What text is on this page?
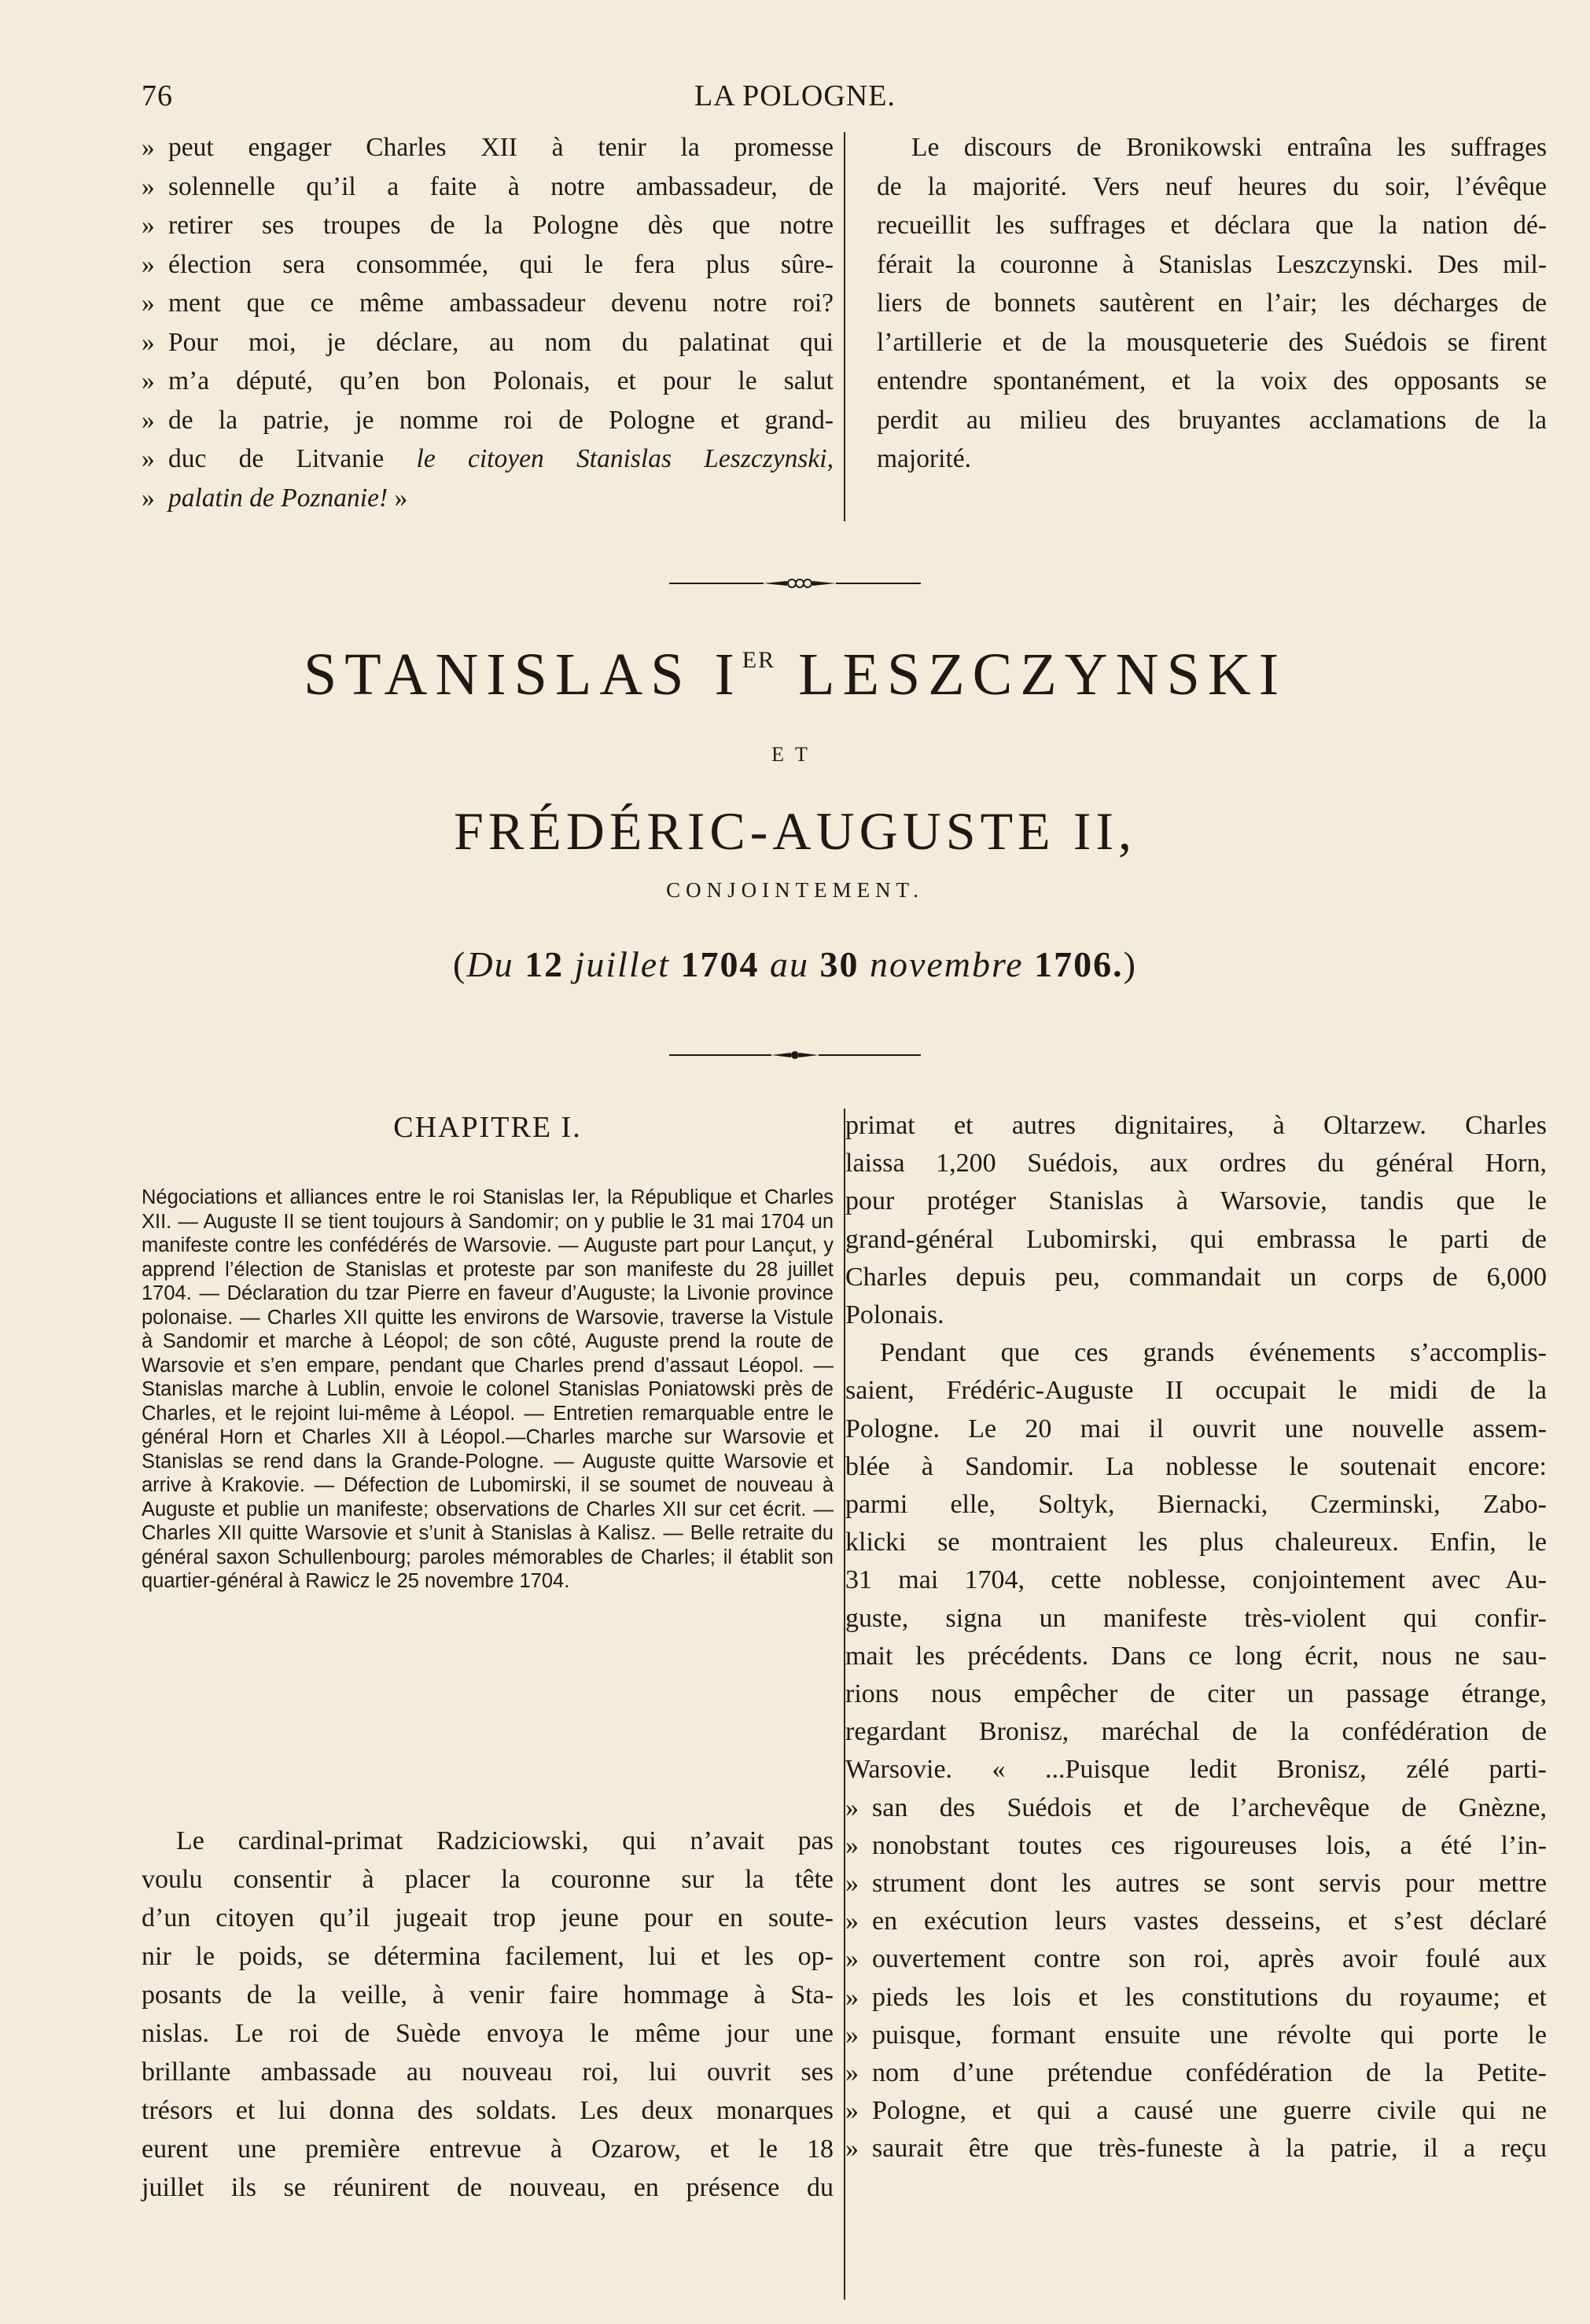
76	LA POLOGNE.
» peut engager Charles XII à tenir la promesse
» solennelle qu’il a faite à notre ambassadeur, de
» retirer ses troupes de la Pologne dès que notre
» élection sera consommée, qui le fera plus sûre-
» ment que ce même ambassadeur devenu notre roi?
» Pour moi, je déclare, au nom du palatinat qui
» m’a député, qu’en bon Polonais, et pour le salut
» de la patrie, je nomme roi de Pologne et grand-
» duc de Litvanie le citoyen Stanislas Leszczynski,
» palatin de Poznanie! »
Le discours de Bronikowski entraîna les suffrages
de la majorité. Vers neuf heures du soir, l’évêque
recueillit les suffrages et déclara que la nation dé-
férait la couronne à Stanislas Leszczynski. Des mil-
liers de bonnets sautèrent en l’air; les décharges de
l’artillerie et de la mousqueterie des Suédois se firent
entendre spontanément, et la voix des opposants se
perdit au milieu des bruyantes acclamations de la
majorité.
STANISLAS IER LESZCZYNSKI
ET
FRÉDÉRIC-AUGUSTE II,
CONJOINTEMENT.
(Du 12 juillet 1704 au 30 novembre 1706.)
CHAPITRE I.

Négociations et alliances entre le roi Stanislas Ier, la République et Charles XII. — Auguste II se tient toujours à Sandomir; on y publie le 31 mai 1704 un manifeste contre les confédérés de Warsovie. — Auguste part pour Lançut, y apprend l’élection de Stanislas et proteste par son manifeste du 28 juillet 1704. — Déclaration du tzar Pierre en faveur d’Auguste; la Livonie province polonaise. — Charles XII quitte les environs de Warsovie, traverse la Vistule à Sandomir et marche à Léopol; de son côté, Auguste prend la route de Warsovie et s’en empare, pendant que Charles prend d’assaut Léopol. — Stanislas marche à Lublin, envoie le colonel Stanislas Poniatowski près de Charles, et le rejoint lui-même à Léopol. — Entretien remarquable entre le général Horn et Charles XII à Léopol.—Charles marche sur Warsovie et Stanislas se rend dans la Grande-Pologne. — Auguste quitte Warsovie et arrive à Krakovie. — Défection de Lubomirski, il se soumet de nouveau à Auguste et publie un manifeste; observations de Charles XII sur cet écrit. — Charles XII quitte Warsovie et s’unit à Stanislas à Kalisz. — Belle retraite du général saxon Schullenbourg; paroles mémorables de Charles; il établit son quartier-général à Rawicz le 25 novembre 1704.

Le cardinal-primat Radziciowski, qui n’avait pas
voulu consentir à placer la couronne sur la tête
d’un citoyen qu’il jugeait trop jeune pour en soute-
nir le poids, se détermina facilement, lui et les op-
posants de la veille, à venir faire hommage à Sta-
nislas. Le roi de Suède envoya le même jour une
brillante ambassade au nouveau roi, lui ouvrit ses
trésors et lui donna des soldats. Les deux monarques
eurent une première entrevue à Ozarow, et le 18
juillet ils se réunirent de nouveau, en présence du
primat et autres dignitaires, à Oltarzew. Charles
laissa 1,200 Suédois, aux ordres du général Horn,
pour protéger Stanislas à Warsovie, tandis que le
grand-général Lubomirski, qui embrassa le parti de
Charles depuis peu, commandait un corps de 6,000
Polonais.
Pendant que ces grands événements s’accomplis-
saient, Frédéric-Auguste II occupait le midi de la
Pologne. Le 20 mai il ouvrit une nouvelle assem-
blée à Sandomir. La noblesse le soutenait encore:
parmi elle, Soltyk, Biernacki, Czerminski, Zabo-
klicki se montraient les plus chaleureux. Enfin, le
31 mai 1704, cette noblesse, conjointement avec Au-
guste, signa un manifeste très-violent qui confir-
mait les précédents. Dans ce long écrit, nous ne sau-
rions nous empêcher de citer un passage étrange,
regardant Bronisz, maréchal de la confédération de
Warsovie. « ...Puisque ledit Bronisz, zélé parti-
» san des Suédois et de l’archevêque de Gnèzne,
» nonobstant toutes ces rigoureuses lois, a été l’in-
» strument dont les autres se sont servis pour mettre
» en exécution leurs vastes desseins, et s’est déclaré
» ouvertement contre son roi, après avoir foulé aux
» pieds les lois et les constitutions du royaume; et
» puisque, formant ensuite une révolte qui porte le
» nom d’une prétendue confédération de la Petite-
» Pologne, et qui a causé une guerre civile qui ne
» saurait être que très-funeste à la patrie, il a reçu
